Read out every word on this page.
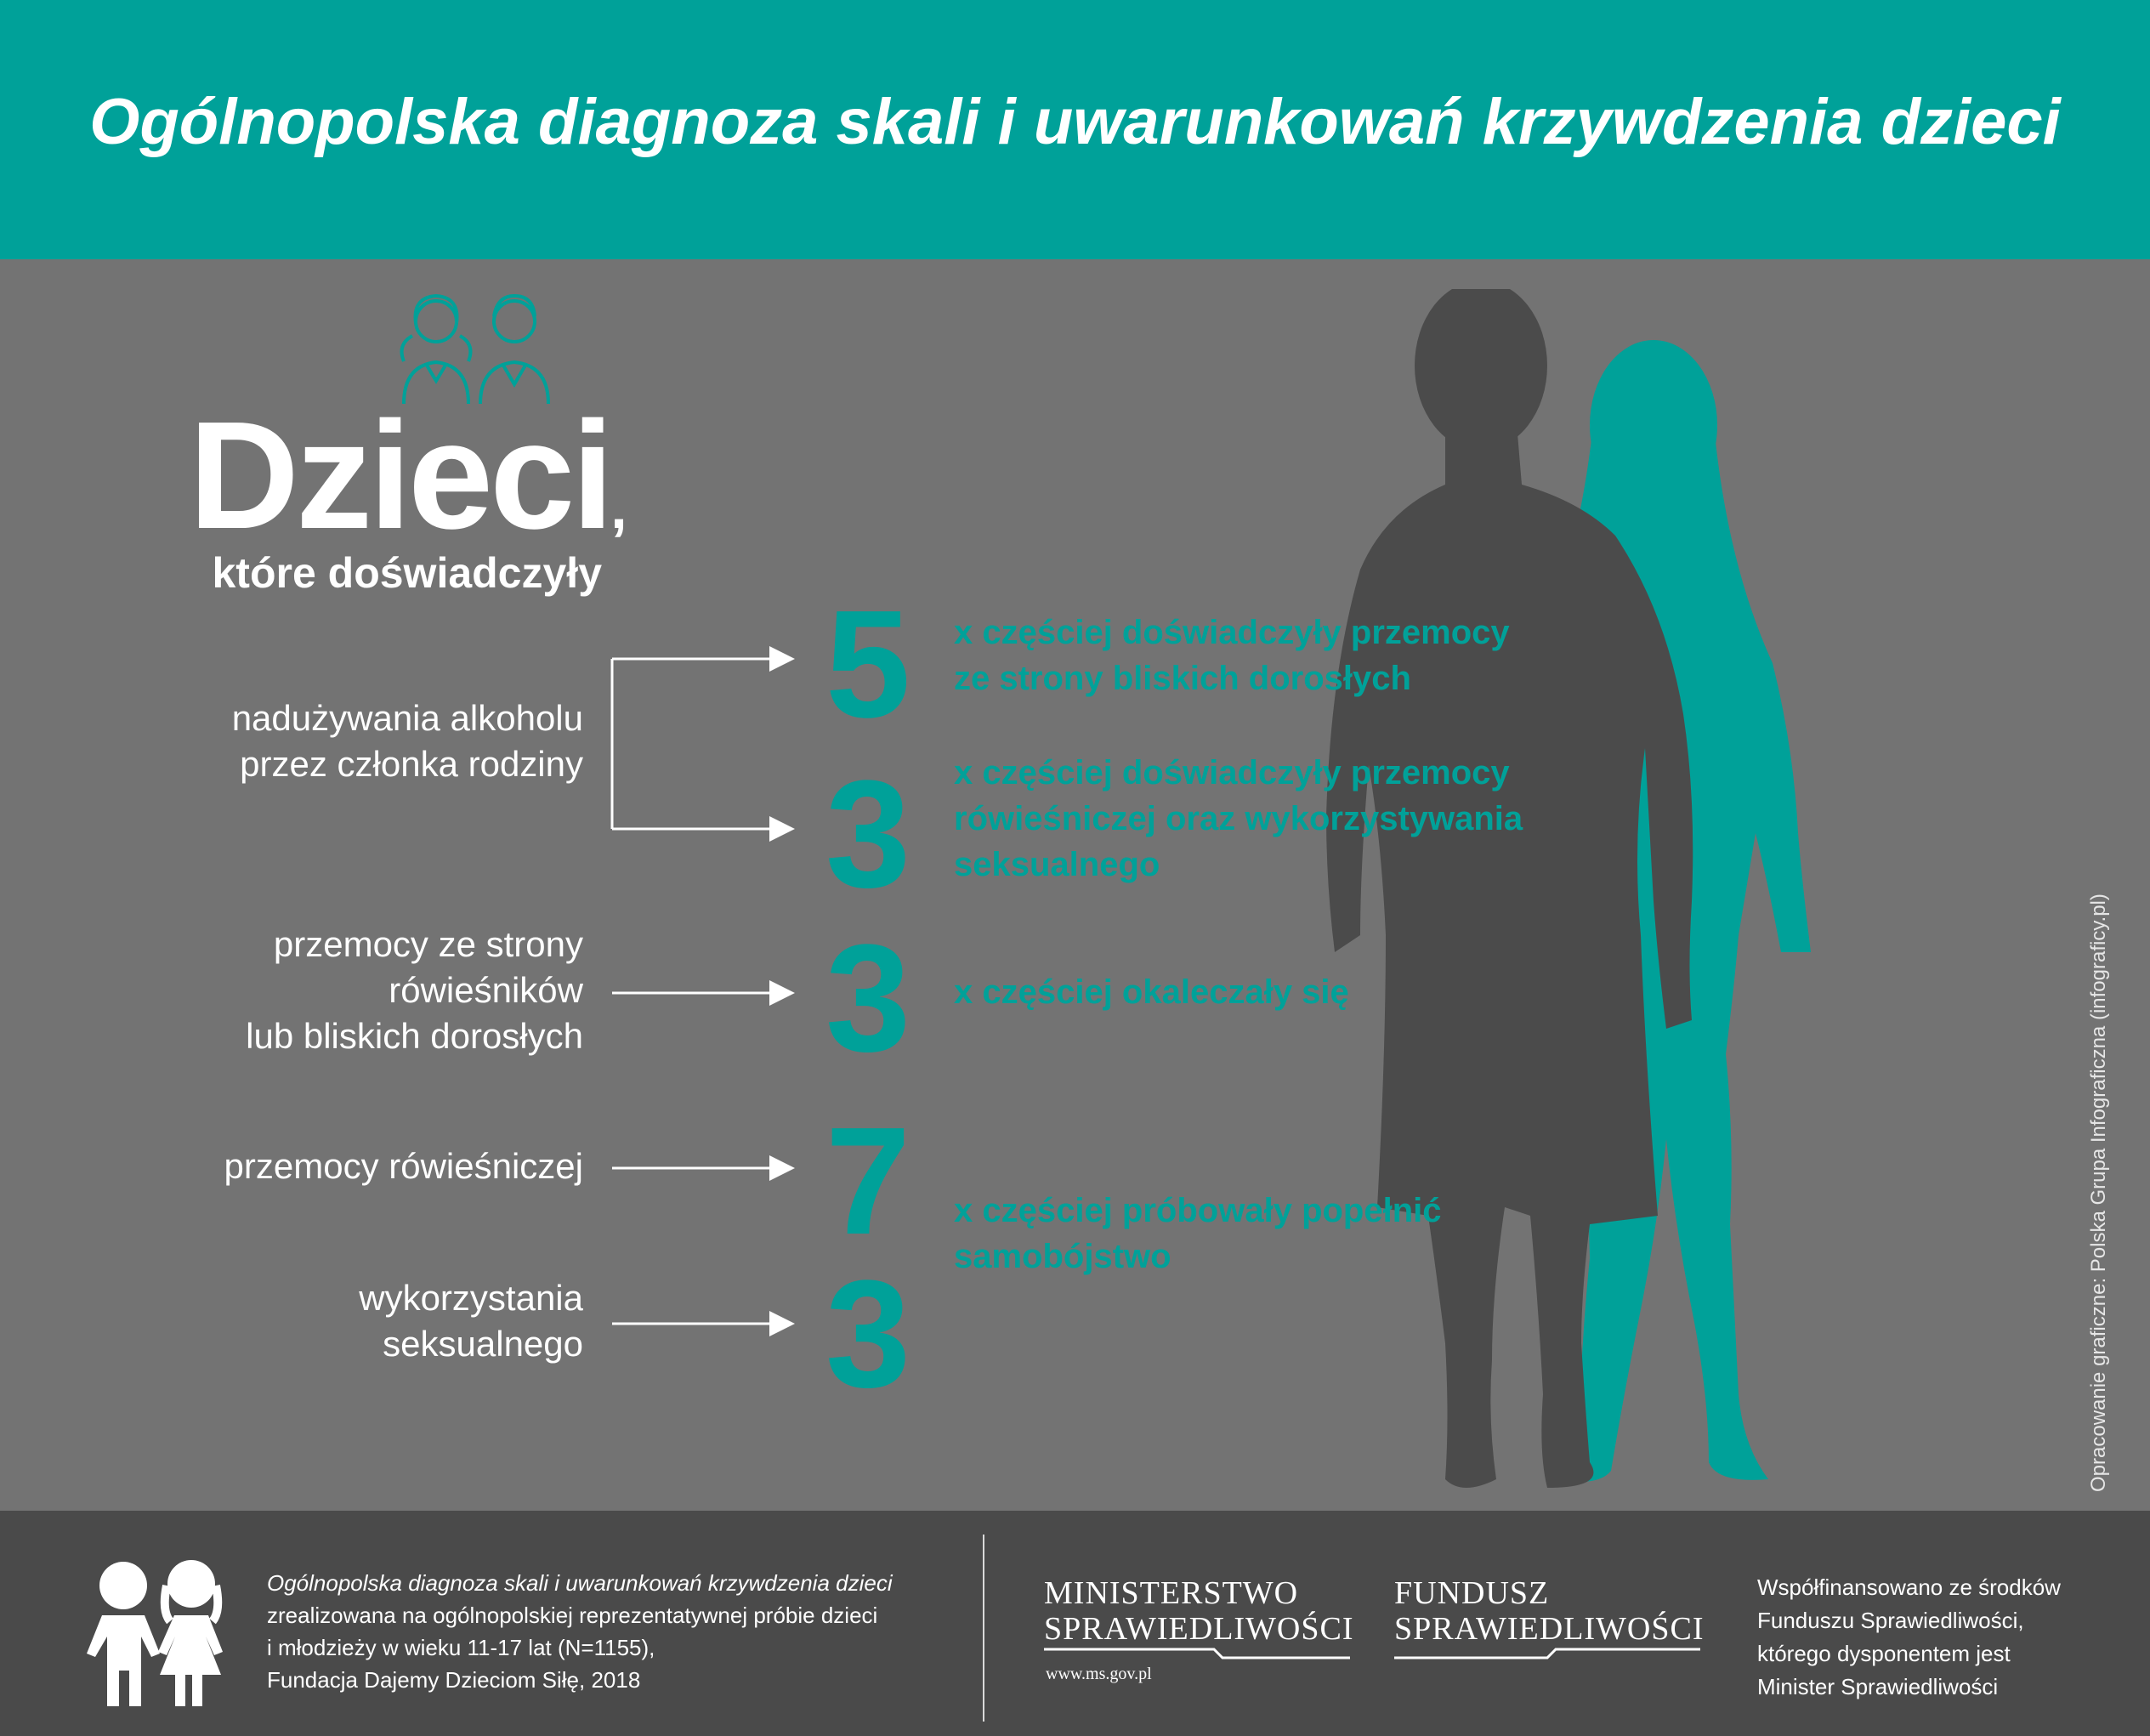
Ogólnopolska diagnoza skali i uwarunkowań krzywdzenia dzieci
Dzieci,
które doświadczyły
nadużywania alkoholu
przez członka rodziny
przemocy ze strony
rówieśników
lub bliskich dorosłych
przemocy rówieśniczej
wykorzystania
seksualnego
5
3
3
7
3
x częściej doświadczyły przemocy
ze strony bliskich dorosłych
x częściej doświadczyły przemocy
rówieśniczej oraz wykorzystywania
seksualnego
x częściej okaleczały się
x częściej próbowały popełnić
samobójstwo	Opracowanie graficzne: Polska Grupa Infograficzna (infograficy.pl)
Ogólnopolska diagnoza skali i uwarunkowań krzywdzenia dzieci
zrealizowana na ogólnopolskiej reprezentatywnej próbie dzieci
i młodzieży w wieku 11-17 lat (N=1155),
Fundacja Dajemy Dzieciom Siłę, 2018
MINISTERSTWO
SPRAWIEDLIWOŚCI
www.ms.gov.pl
FUNDUSZ
SPRAWIEDLIWOŚCI
Współfinansowano ze środków
Funduszu Sprawiedliwości,
którego dysponentem jest
Minister Sprawiedliwości
